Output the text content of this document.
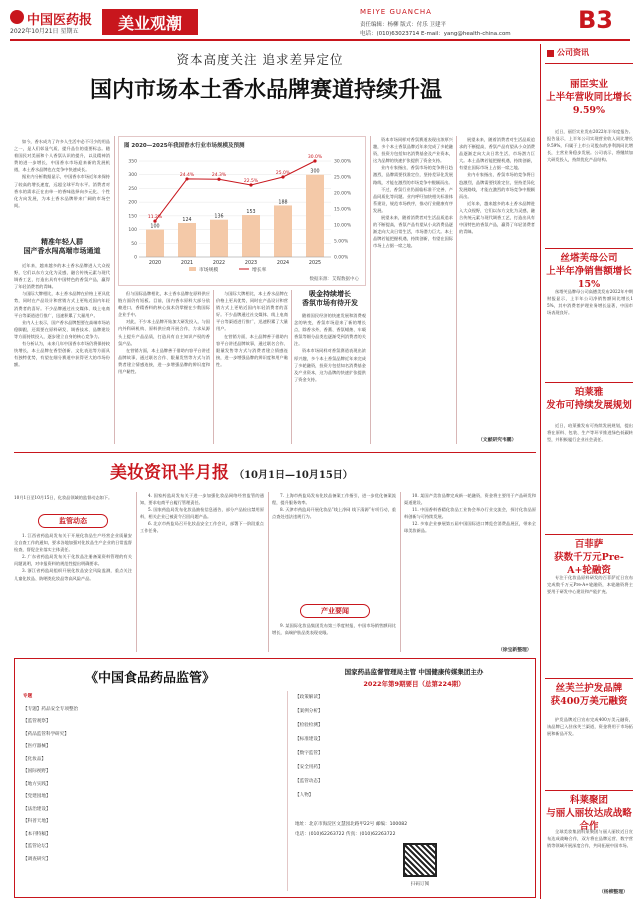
中国医药报
2022年10月21日 星期五	美业观潮
MEIYE GUANCHA
责任编辑：杨柳 版式：付乐 卫建平
电话：(010)63023714 E-mail：yang@health-china.com	B3
资本高度关注 追求差异定位
国内市场本土香水品牌赛道持续升温

如今，香水成为了许多人生活中必不可少的用品之一，是人们彰显气质、提升品位的重要标志。随着国民对美丽和个人香氛认识的提升，以及精神消费的进一步增长，中国香水市场迎来新的发展机遇，本土香水品牌也在竞争中快速成长。

据业内分析数据显示，中国香水市场近年来保持了较高的增长速度，远超全球平均水平。消费者对香水的需求正在由单一的香味选择向多元化、个性化方向发展，为本土香水品牌带来广阔的市场空间。

精准年轻人群
国产香水闯高端市场通道

近年来，越来越多的本土香水品牌进入大众视野，它们以东方文化为灵感，融合传统元素与现代调香工艺，打造出具有中国特色的香氛产品，赢得了年轻消费者的青睐。

与国际大牌相比，本土香水品牌在价格上更具优势，同时在产品设计和营销方式上更贴近国内年轻消费者的喜好。不少品牌通过社交媒体、线上电商平台等渠道进行推广，迅速积累了大量用户。

业内人士表示，国产香水品牌想要在高端市场站稳脚跟，还需要在原料研发、调香技术、品牌建设等方面持续投入，逐步建立自身的核心竞争力。

有分析认为，未来几年中国香水市场仍将保持较快增长，本土品牌在香型创新、文化表达等方面具有独特优势，有望在细分赛道中获得更大的市场份额。

图 2020—2025年我国香水行业市场规模及预测
350
300
250
200
150
100
50
0
30.00%
25.00%
20.00%
15.00%
10.00%
5.00%
0.00%
100
2020
124
2021
136
2022
153
2023
188
2024
300
2025
11.2%
24.4%	24.3%
22.5%
25.0%
30.0%
市场规模	增长率
数据来源：艾媒数据中心

但与国际品牌相比，本土香水品牌在原料供应链方面仍有短板。目前，国内香水原料大部分依赖进口，香精香料的核心技术仍掌握在少数国际企业手中。

对此，不少本土品牌开始加大研发投入，与国内外科研机构、原料供应商开展合作，力求从源头上提升产品品质，打造具有自主知识产权的香氛产品。

在营销方面，本土品牌善于借助内容平台讲述品牌故事，通过联名合作、限量发售等方式与消费者建立情感连接，进一步增强品牌的辨识度和用户黏性。

与国际大牌相比，本土香水品牌在价格上更具优势，同时在产品设计和营销方式上更贴近国内年轻消费者的喜好。不少品牌通过社交媒体、线上电商平台等渠道进行推广，迅速积累了大量用户。

在营销方面，本土品牌善于借助内容平台讲述品牌故事，通过联名合作、限量发售等方式与消费者建立情感连接，进一步增强品牌的辨识度和用户黏性。

吸金持续增长
香氛市场有待开发

随着国民经济的快速发展和消费观念的转变，香氛市场迎来了新的增长点，除香水外，香薰、香氛蜡烛、车载香氛等细分品类也逐渐受到消费者的关注。

资本市场同样对香氛赛道表现出浓厚兴趣，多个本土香氛品牌近年来完成了多轮融资，投资方包括知名消费基金及产业资本，这为品牌的快速扩张提供了资金支持。

资本市场同样对香氛赛道表现出浓厚兴趣，多个本土香氛品牌近年来完成了多轮融资，投资方包括知名消费基金及产业资本，这为品牌的快速扩张提供了资金支持。

业内专家指出，香氛市场的竞争将日趋激烈，品牌需要找准定位，坚持差异化发展路线，才能在激烈的市场竞争中脱颖而出。

不过，香氛行业仍面临标准不完善、产品同质化等问题。业内呼吁加快相关标准体系建设，规范市场秩序，推动行业健康有序发展。

展望未来，随着消费者对生活品质追求的不断提高，香氛产品有望从小众消费品逐渐走向大众日常生活，市场潜力巨大。本土品牌若能把握机遇，持续创新，有望在国际市场上占据一席之地。

展望未来，随着消费者对生活品质追求的不断提高，香氛产品有望从小众消费品逐渐走向大众日常生活，市场潜力巨大。本土品牌若能把握机遇，持续创新，有望在国际市场上占据一席之地。

业内专家指出，香氛市场的竞争将日趋激烈，品牌需要找准定位，坚持差异化发展路线，才能在激烈的市场竞争中脱颖而出。

近年来，越来越多的本土香水品牌进入大众视野，它们以东方文化为灵感，融合传统元素与现代调香工艺，打造出具有中国特色的香氛产品，赢得了年轻消费者的青睐。

（文献研究韦鹏）
美妆资讯半月报 （10月1日—10月15日）
10月1日至10月15日，化妆品领域的监督动态如下。
监管动态

1. 江西省药监局发布关于开展化妆品生产经营企业质量安全自查工作的通知，要求各地加强对化妆品生产企业的日常监督检查，督促企业落实主体责任。

2. 广东省药监局发布关于化妆品注册备案资料管理的有关问题说明，对申报资料的规范性提出明确要求。

3. 浙江省药监局组织开展化妆品安全风险监测，重点关注儿童化妆品、防晒类化妆品等高风险产品。

4. 国家药监局发布关于进一步加强化妆品网络经营监管的通知，要求电商平台履行管理责任。

5. 国家药监局发布化妆品抽检信息通告，部分产品检出禁用原料，相关企业已被责令召回问题产品。

6. 北京市药监局召开化妆品安全工作会议，部署下一阶段重点工作任务。

7. 上海市药监局发布化妆品备案工作指引，进一步优化备案流程，提升服务效率。

8. 天津市药监局开展化妆品“线上净网 线下清源”专项行动，重点查处违法违规行为。

产业要闻

9. 某国际化妆品集团发布第三季度财报，中国市场销售额同比增长，高端护肤品类表现亮眼。

10. 某国产美妆品牌完成新一轮融资，资金将主要用于产品研发和渠道建设。

11. 中国香料香精化妆品工业协会举办行业交流会，探讨化妆品原料创新与可持续发展。

12. 多家企业参展第五届中国国际进口博览会消费品展区，带来全球美妆新品。

（徐宝新整理）
《中国食品药品监管》	国家药品监督管理局主管 中国健康传媒集团主办
2022年第9期要目（总第224期）
专题
【专题】药品安全专项整治
【监管观察】
【药品监管科学研究】
【医疗器械】
【化妆品】
【国际视野】
【地方实践】
【党建园地】
【法治建设】
【科普天地】
【本刊特稿】
【监管论坛】
【调查研究】
【政策解读】
【案例分析】
【检验检测】
【标准建设】
【数字监管】
【安全用药】
【监管动态】
【人物】
地址：北京市海淀区文慧园北路甲22号 邮编：100082
电话：(010)62263722 传真：(010)62263722
扫码订阅
公司资讯
丽臣实业
上半年营收同比增长9.59%
近日，丽臣实业发布2022年半年度报告。报告显示，上半年公司实现营业收入同比增长9.59%，归属于上市公司股东的净利润同比增长，主营业务稳步发展。公司表示，将继续加大研发投入，持续优化产品结构。
丝塔芙母公司
上半年净销售额增长15%
丝塔芙品牌母公司高德美发布2022年中期财报显示，上半年公司净销售额同比增长15%，其中消费者护理业务增长显著，中国市场表现良好。
珀莱雅
发布可持续发展规划
近日，珀莱雅发布可持续发展规划，提出将在原料、包装、生产等环节推进绿色低碳转型，并积极履行企业社会责任。
百菲萨
获数千万元Pre-A+轮融资
专注于化妆品原料研发的百菲萨近日宣布完成数千万元Pre-A+轮融资，本轮融资将主要用于研发中心建设和产能扩充。
丝芙兰护发品牌
获400万美元融资
护发品牌近日宣布完成400万美元融资，该品牌已入驻丝芙兰渠道，资金将用于市场拓展和新品开发。
科莱聚团
与丽人丽妆达成战略合作
全球美妆集团科莱聚团与丽人丽妆近日宣布达成战略合作，双方将在品牌运营、数字营销等领域开展深度合作，共同拓展中国市场。
（杨柳整理）
